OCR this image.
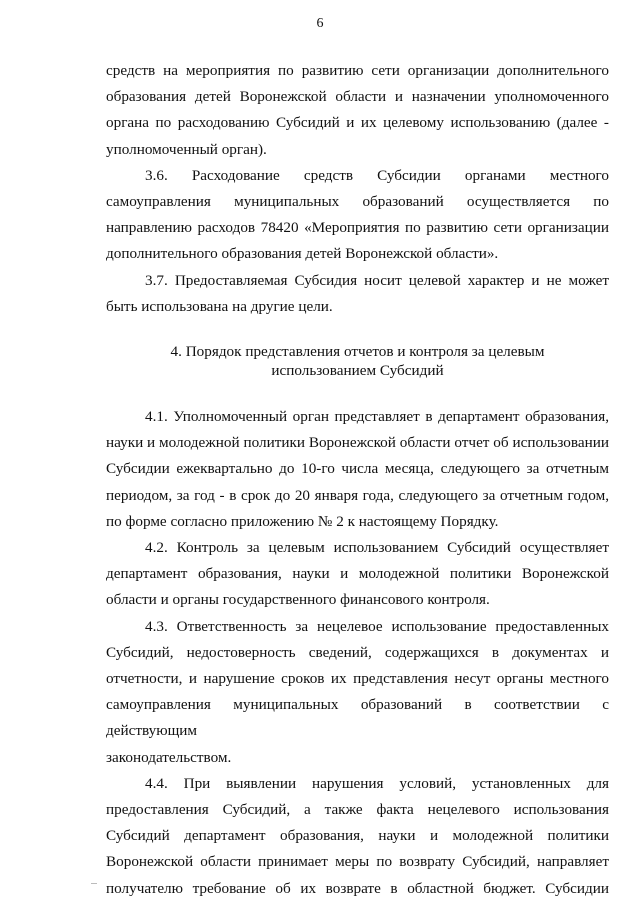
6
средств на мероприятия по развитию сети организации дополнительного
образования детей Воронежской области и назначении уполномоченного
органа по расходованию Субсидий и их целевому использованию (далее -
уполномоченный орган).
3.6. Расходование средств Субсидии органами местного
самоуправления муниципальных образований осуществляется по
направлению расходов 78420 «Мероприятия по развитию сети организации
дополнительного образования детей Воронежской области».
3.7. Предоставляемая Субсидия носит целевой характер и не может
быть использована на другие цели.
4. Порядок представления отчетов и контроля за целевым
использованием Субсидий
4.1. Уполномоченный орган представляет в департамент образования,
науки и молодежной политики Воронежской области отчет об использовании
Субсидии ежеквартально до 10-го числа месяца, следующего за отчетным
периодом, за год - в срок до 20 января года, следующего за отчетным годом,
по форме согласно приложению № 2 к настоящему Порядку.
4.2. Контроль за целевым использованием Субсидий осуществляет
департамент образования, науки и молодежной политики Воронежской
области и органы государственного финансового контроля.
4.3. Ответственность за нецелевое использование предоставленных
Субсидий, недостоверность сведений, содержащихся в документах и
отчетности, и нарушение сроков их представления несут органы местного
самоуправления муниципальных образований в соответствии с действующим
законодательством.
4.4. При выявлении нарушения условий, установленных для
предоставления Субсидий, а также факта нецелевого использования
Субсидий департамент образования, науки и молодежной политики
Воронежской области принимает меры по возврату Субсидий, направляет
получателю требование об их возврате в областной бюджет. Субсидии
